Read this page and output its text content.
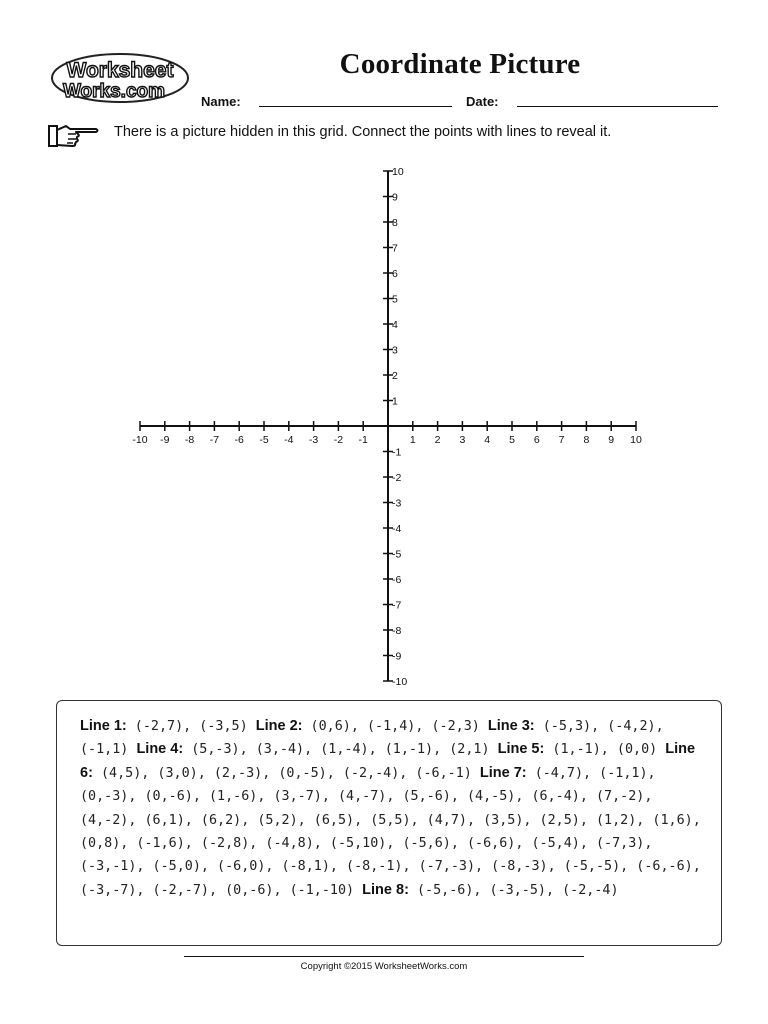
Worksheet
Works.com
Coordinate Picture
Name:	Date:
There is a picture hidden in this grid. Connect the points with lines to reveal it.
-10 -9 -8 -7 -6 -5 -4 -3 -2 -1	1 2 3 4 5 6 7 8 9 10
10
9
8
7
6
5
4
3
2
1
-1
-2
-3
-4
-5
-6
-7
-8
-9
-10
Line 1: (-2,7), (-3,5) Line 2: (0,6), (-1,4), (-2,3) Line 3: (-5,3), (-4,2), (-1,1) Line 4: (5,-3), (3,-4), (1,-4), (1,-1), (2,1) Line 5: (1,-1), (0,0) Line 6: (4,5), (3,0), (2,-3), (0,-5), (-2,-4), (-6,-1) Line 7: (-4,7), (-1,1), (0,-3), (0,-6), (1,-6), (3,-7), (4,-7), (5,-6), (4,-5), (6,-4), (7,-2), (4,-2), (6,1), (6,2), (5,2), (6,5), (5,5), (4,7), (3,5), (2,5), (1,2), (1,6), (0,8), (-1,6), (-2,8), (-4,8), (-5,10), (-5,6), (-6,6), (-5,4), (-7,3), (-3,-1), (-5,0), (-6,0), (-8,1), (-8,-1), (-7,-3), (-8,-3), (-5,-5), (-6,-6), (-3,-7), (-2,-7), (0,-6), (-1,-10) Line 8: (-5,-6), (-3,-5), (-2,-4)
Copyright ©2015 WorksheetWorks.com
